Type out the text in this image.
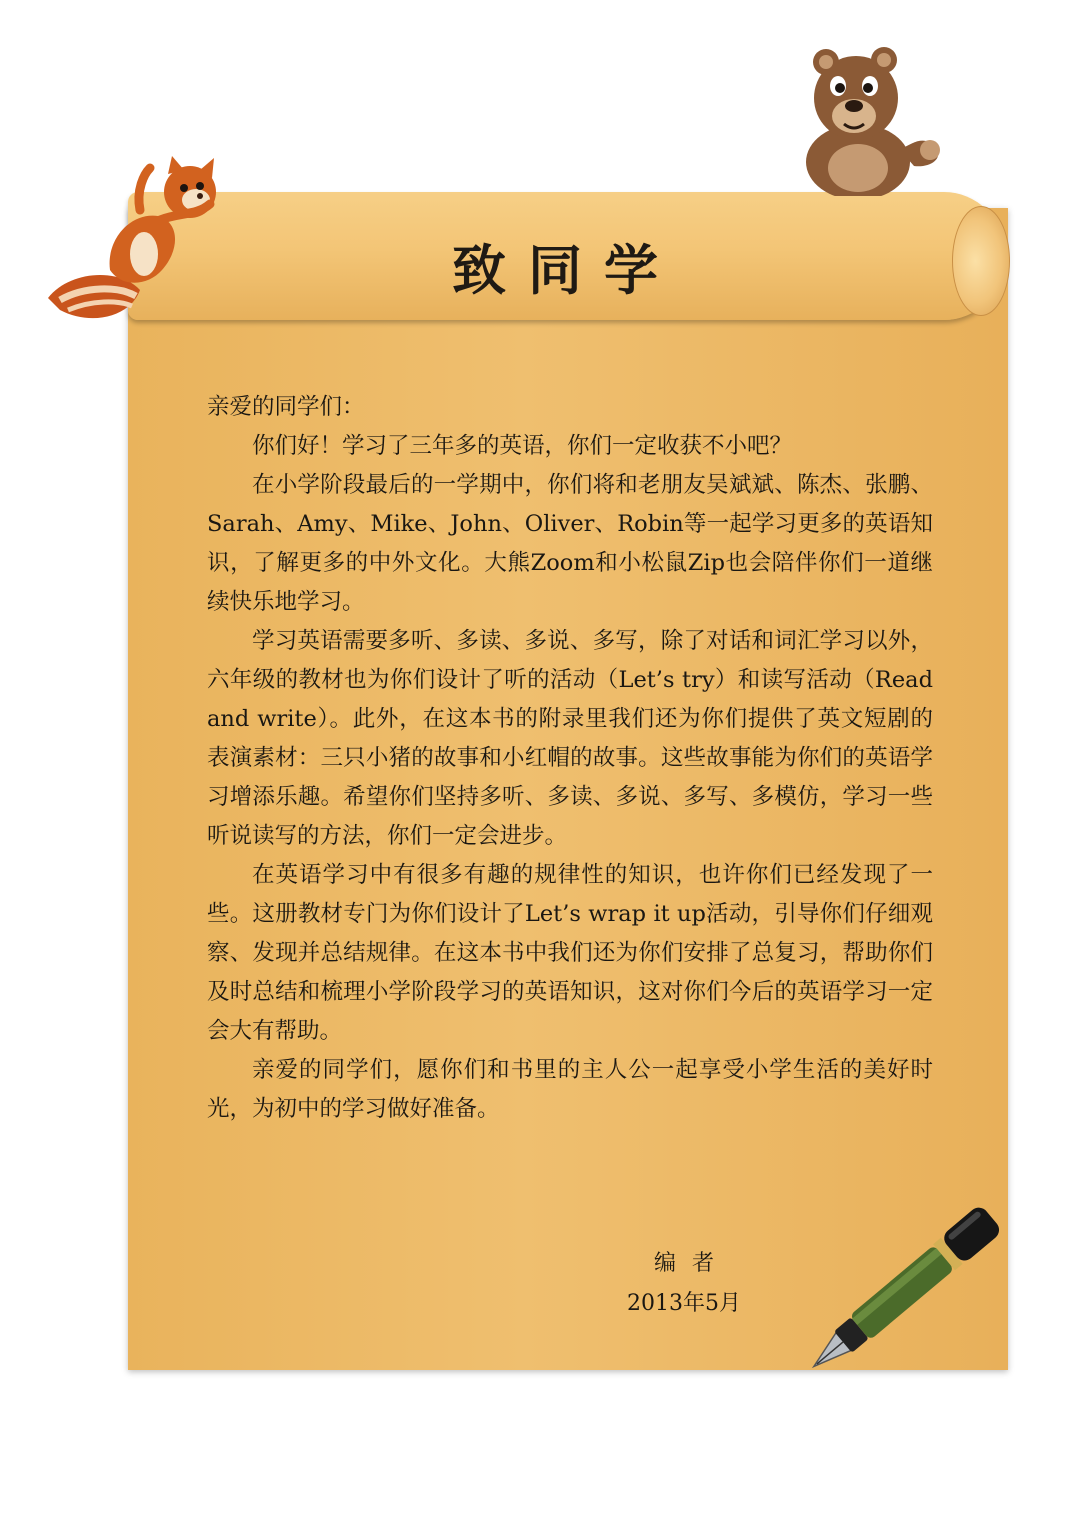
致同学

亲爱的同学们：

你们好！学习了三年多的英语，你们一定收获不小吧？

在小学阶段最后的一学期中，你们将和老朋友吴斌斌、陈杰、张鹏、Sarah、Amy、Mike、John、Oliver、Robin等一起学习更多的英语知识，了解更多的中外文化。大熊Zoom和小松鼠Zip也会陪伴你们一道继续快乐地学习。

学习英语需要多听、多读、多说、多写，除了对话和词汇学习以外，六年级的教材也为你们设计了听的活动（Let’s try）和读写活动（Read and write）。此外，在这本书的附录里我们还为你们提供了英文短剧的表演素材：三只小猪的故事和小红帽的故事。这些故事能为你们的英语学习增添乐趣。希望你们坚持多听、多读、多说、多写、多模仿，学习一些听说读写的方法，你们一定会进步。

在英语学习中有很多有趣的规律性的知识，也许你们已经发现了一些。这册教材专门为你们设计了Let’s wrap it up活动，引导你们仔细观察、发现并总结规律。在这本书中我们还为你们安排了总复习，帮助你们及时总结和梳理小学阶段学习的英语知识，这对你们今后的英语学习一定会大有帮助。

亲爱的同学们，愿你们和书里的主人公一起享受小学生活的美好时光，为初中的学习做好准备。

编者
2013年5月
